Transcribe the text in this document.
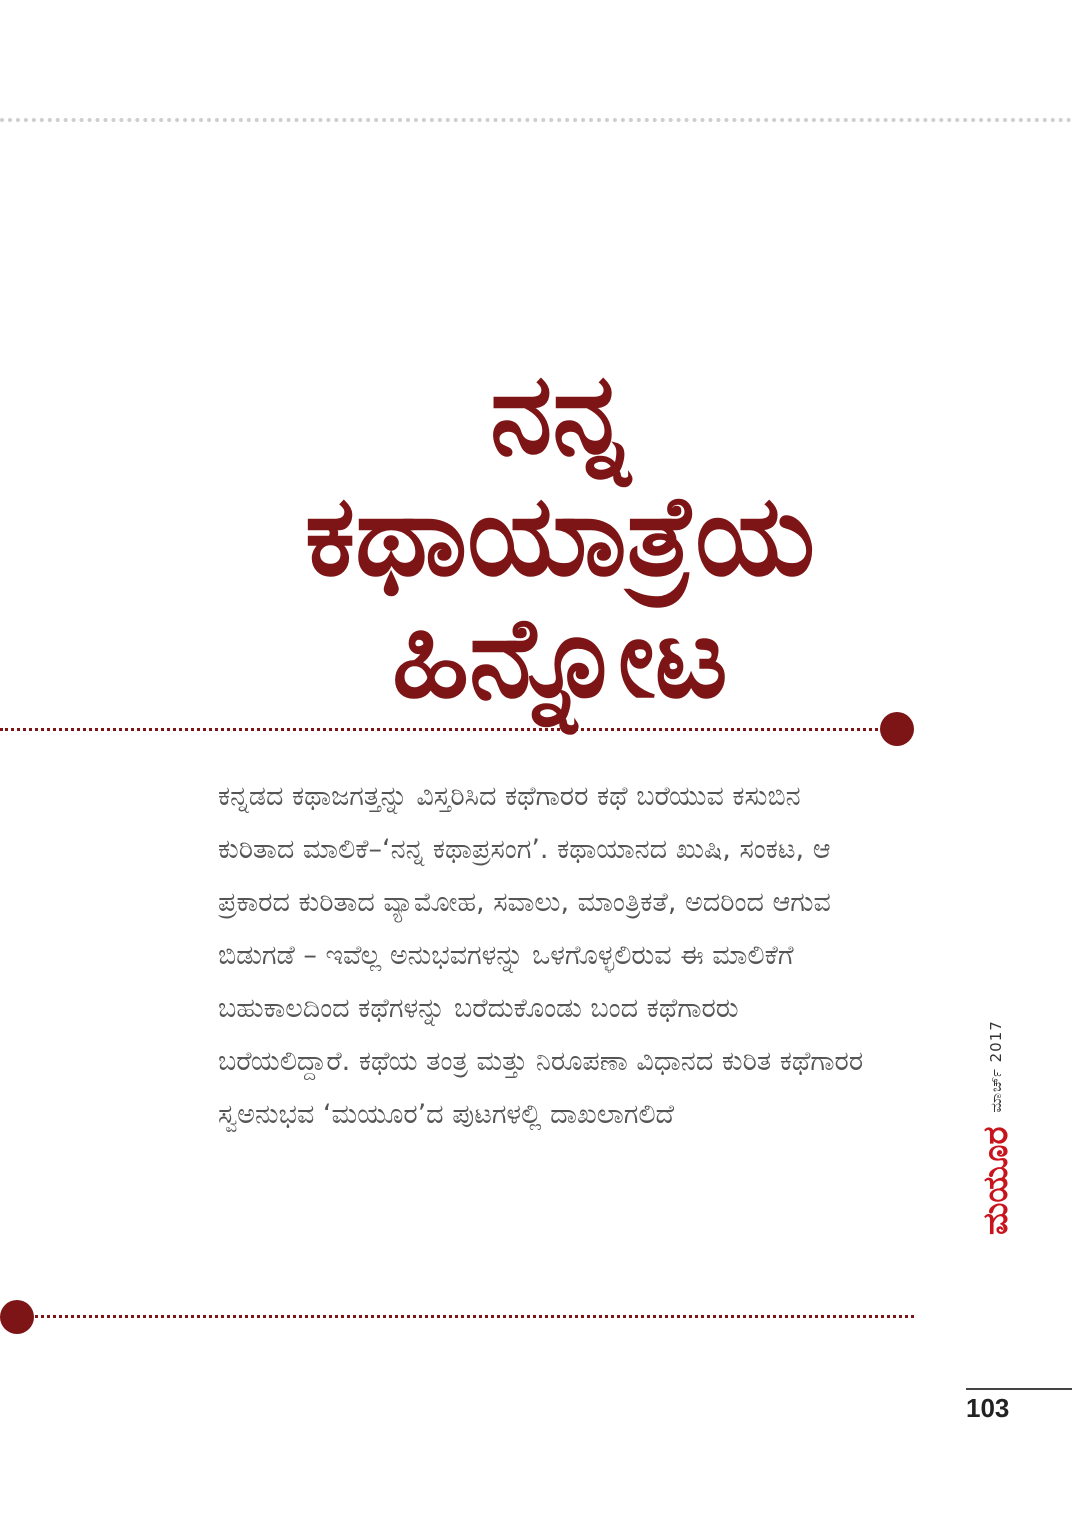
ನನ್ನ
ಕಥಾಯಾತ್ರೆಯ
ಹಿನ್ನೋಟ

ಕನ್ನಡದ ಕಥಾಜಗತ್ತನ್ನು ವಿಸ್ತರಿಸಿದ ಕಥೆಗಾರರ ಕಥೆ ಬರೆಯುವ ಕಸುಬಿನ ಕುರಿತಾದ ಮಾಲಿಕೆ–‘ನನ್ನ ಕಥಾಪ್ರಸಂಗ’. ಕಥಾಯಾನದ ಖುಷಿ, ಸಂಕಟ, ಆ ಪ್ರಕಾರದ ಕುರಿತಾದ ವ್ಯಾಮೋಹ, ಸವಾಲು, ಮಾಂತ್ರಿಕತೆ, ಅದರಿಂದ ಆಗುವ ಬಿಡುಗಡೆ – ಇವೆಲ್ಲ ಅನುಭವಗಳನ್ನು ಒಳಗೊಳ್ಳಲಿರುವ ಈ ಮಾಲಿಕೆಗೆ ಬಹುಕಾಲದಿಂದ ಕಥೆಗಳನ್ನು ಬರೆದುಕೊಂಡು ಬಂದ ಕಥೆಗಾರರು ಬರೆಯಲಿದ್ದಾರೆ. ಕಥೆಯ ತಂತ್ರ ಮತ್ತು ನಿರೂಪಣಾ ವಿಧಾನದ ಕುರಿತ ಕಥೆಗಾರರ ಸ್ವಅನುಭವ ‘ಮಯೂರ’ದ ಪುಟಗಳಲ್ಲಿ ದಾಖಲಾಗಲಿದೆ

ಮಯೂರ
ಮಾರ್ಚ್ 2017
103
